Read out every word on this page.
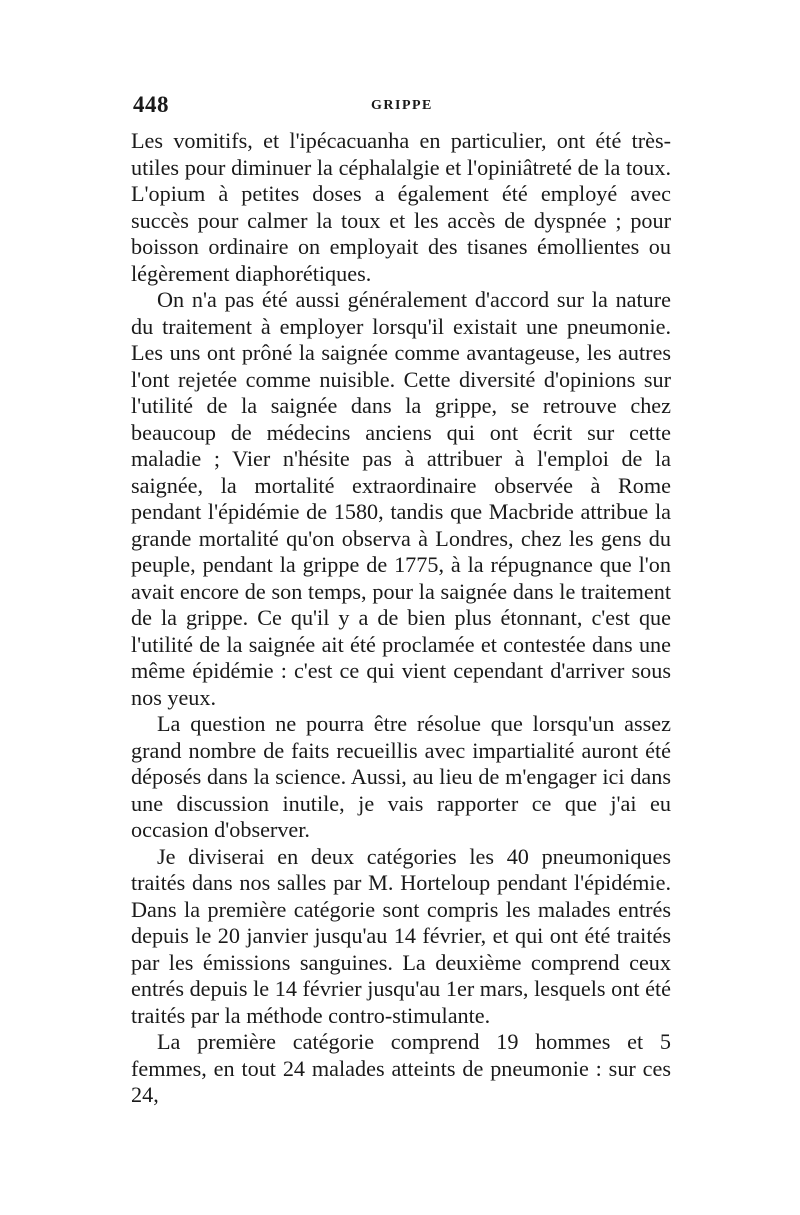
448	GRIPPE

Les vomitifs, et l'ipécacuanha en particulier, ont été très-utiles pour diminuer la céphalalgie et l'opiniâtreté de la toux. L'opium à petites doses a également été employé avec succès pour calmer la toux et les accès de dyspnée ; pour boisson ordinaire on employait des tisanes émollientes ou légèrement diaphorétiques.

On n'a pas été aussi généralement d'accord sur la nature du traitement à employer lorsqu'il existait une pneumonie. Les uns ont prôné la saignée comme avantageuse, les autres l'ont rejetée comme nuisible. Cette diversité d'opinions sur l'utilité de la saignée dans la grippe, se retrouve chez beaucoup de médecins anciens qui ont écrit sur cette maladie ; Vier n'hésite pas à attribuer à l'emploi de la saignée, la mortalité extraordinaire observée à Rome pendant l'épidémie de 1580, tandis que Macbride attribue la grande mortalité qu'on observa à Londres, chez les gens du peuple, pendant la grippe de 1775, à la répugnance que l'on avait encore de son temps, pour la saignée dans le traitement de la grippe. Ce qu'il y a de bien plus étonnant, c'est que l'utilité de la saignée ait été proclamée et contestée dans une même épidémie : c'est ce qui vient cependant d'arriver sous nos yeux.

La question ne pourra être résolue que lorsqu'un assez grand nombre de faits recueillis avec impartialité auront été déposés dans la science. Aussi, au lieu de m'engager ici dans une discussion inutile, je vais rapporter ce que j'ai eu occasion d'observer.

Je diviserai en deux catégories les 40 pneumoniques traités dans nos salles par M. Horteloup pendant l'épidémie. Dans la première catégorie sont compris les malades entrés depuis le 20 janvier jusqu'au 14 février, et qui ont été traités par les émissions sanguines. La deuxième comprend ceux entrés depuis le 14 février jusqu'au 1er mars, lesquels ont été traités par la méthode contro-stimulante.

La première catégorie comprend 19 hommes et 5 femmes, en tout 24 malades atteints de pneumonie : sur ces 24,
